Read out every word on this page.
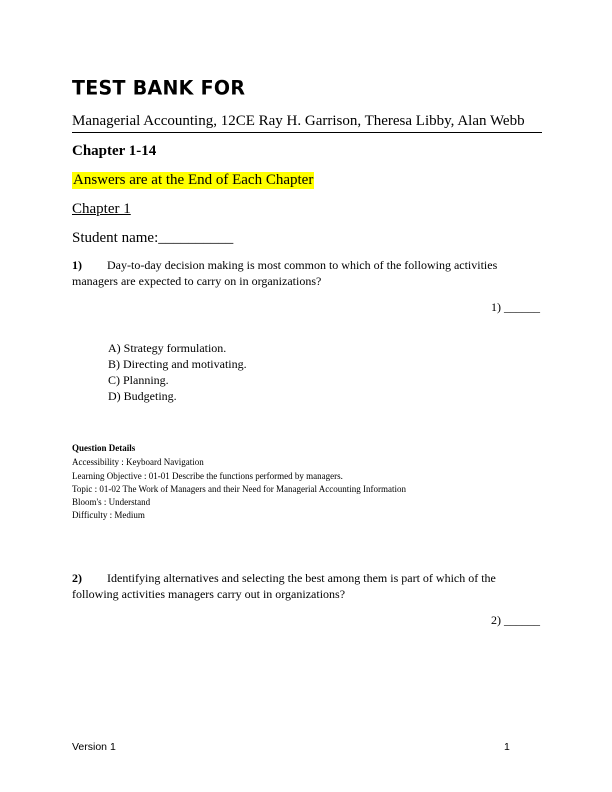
TEST BANK FOR
Managerial Accounting, 12CE Ray H. Garrison, Theresa Libby, Alan Webb
Chapter 1-14
Answers are at the End of Each Chapter
Chapter 1
Student name:__________
1) Day-to-day decision making is most common to which of the following activities
managers are expected to carry on in organizations?
1) ______
A) Strategy formulation.
B) Directing and motivating.
C) Planning.
D) Budgeting.
Question Details
Accessibility : Keyboard Navigation
Learning Objective : 01-01 Describe the functions performed by managers.
Topic : 01-02 The Work of Managers and their Need for Managerial Accounting Information
Bloom's : Understand
Difficulty : Medium
2) Identifying alternatives and selecting the best among them is part of which of the
following activities managers carry out in organizations?
2) ______
Version 1	1
